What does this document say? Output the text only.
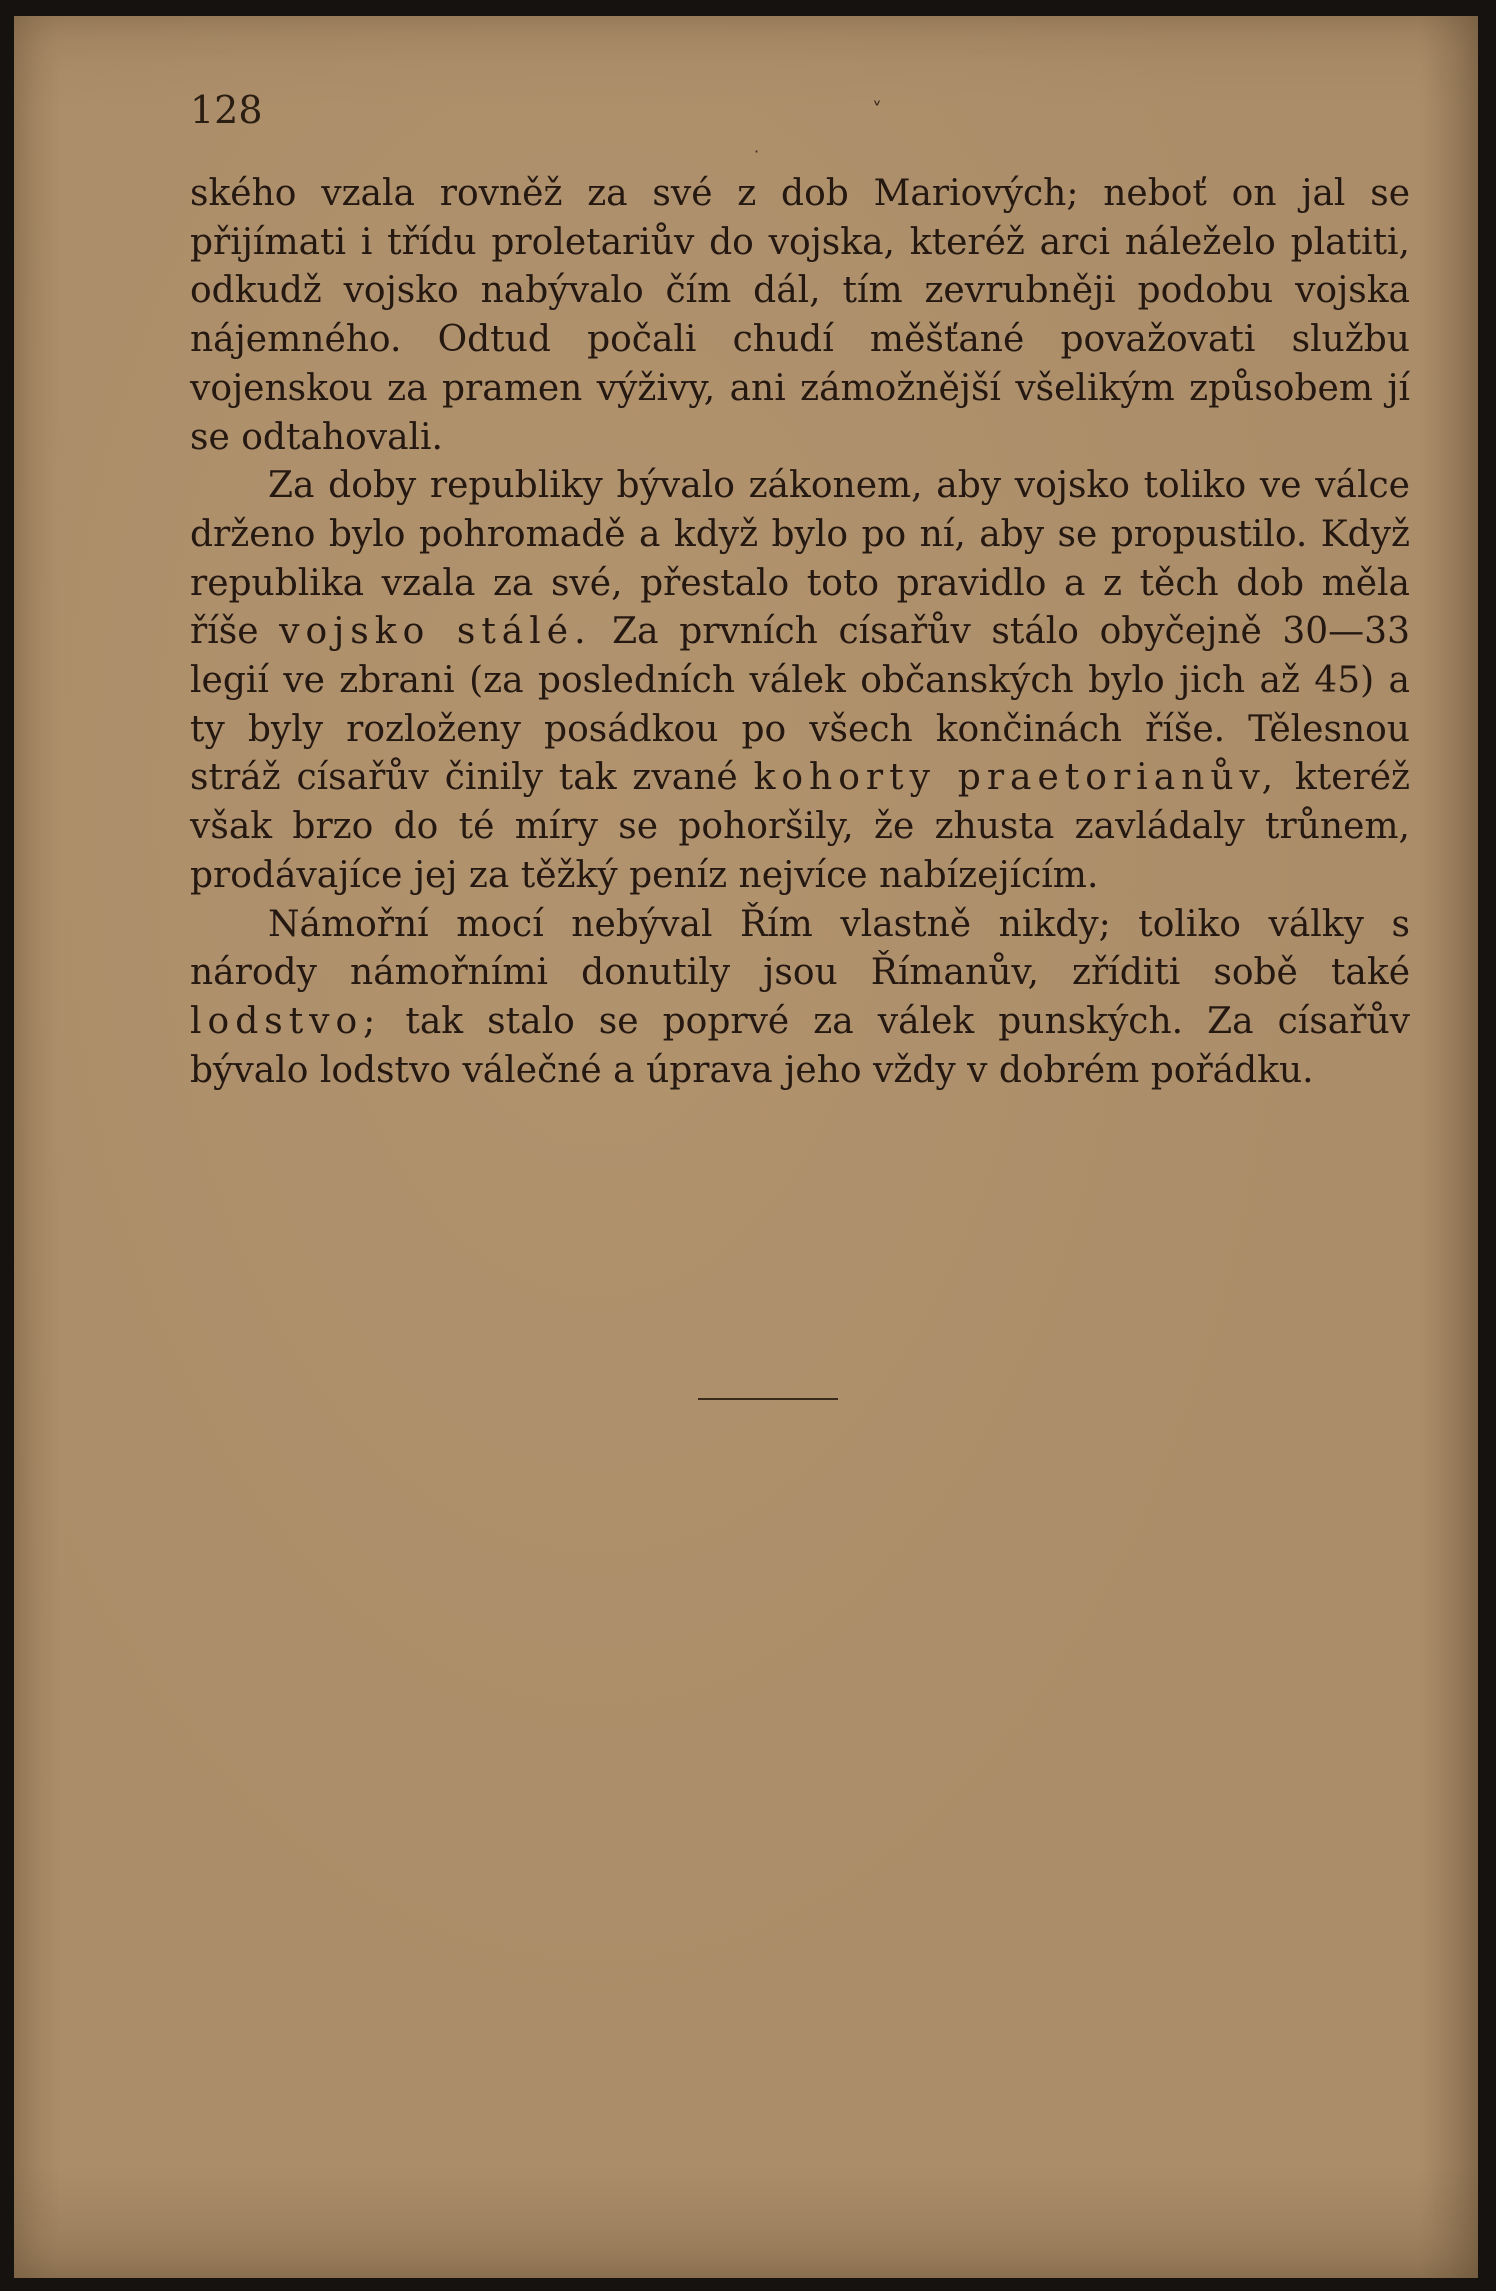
128	˅
·

ského vzala rovněž za své z dob Mariových; neboť on jal se přijímati i třídu proletariův do vojska, kteréž arci náleželo platiti, odkudž vojsko nabývalo čím dál, tím zevrubněji podobu vojska nájemného. Odtud počali chudí měšťané považovati službu vojenskou za pramen výživy, ani zámožnější všelikým způsobem jí se odtahovali.

Za doby republiky bývalo zákonem, aby vojsko toliko ve válce drženo bylo pohromadě a když bylo po ní, aby se propustilo. Když republika vzala za své, přestalo toto pravidlo a z těch dob měla říše vojsko stálé. Za prvních císařův stálo obyčejně 30—33 legií ve zbrani (za posledních válek občanských bylo jich až 45) a ty byly rozloženy posádkou po všech končinách říše. Tělesnou stráž císařův činily tak zvané kohorty praetorianův, kteréž však brzo do té míry se pohoršily, že zhusta zavládaly trůnem, prodávajíce jej za těžký peníz nejvíce nabízejícím.

Námořní mocí nebýval Řím vlastně nikdy; toliko války s národy námořními donutily jsou Římanův, zříditi sobě také lodstvo; tak stalo se poprvé za válek punských. Za císařův bývalo lodstvo válečné a úprava jeho vždy v dobrém pořádku.
